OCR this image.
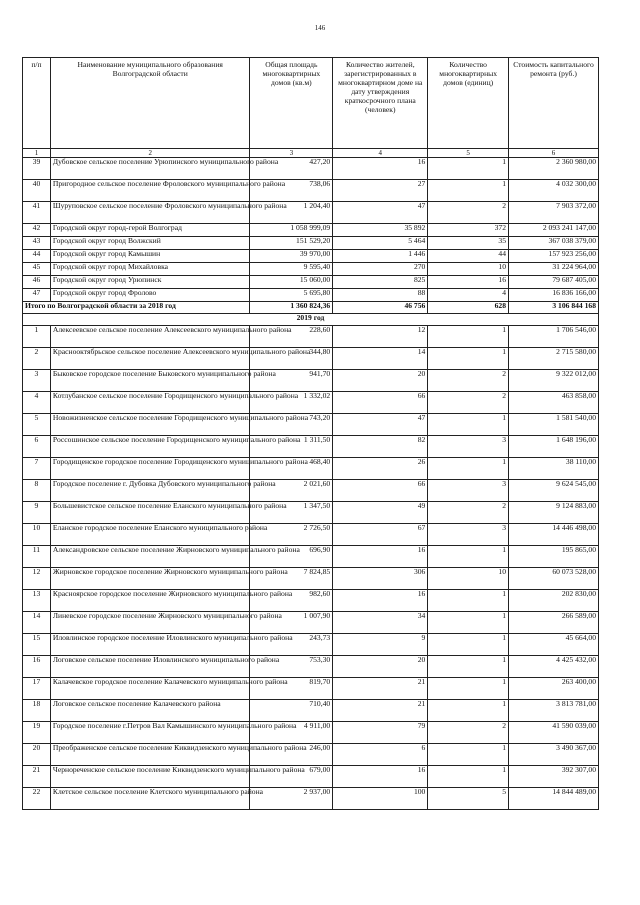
146
п/п	Наименование муниципального образования Волгоградской области	Общая площадь многоквартирных домов (кв.м)	Количество жителей, зарегистрированных в многоквартирном доме на дату утверждения краткосрочного плана (человек)	Количество многоквартирных домов (единиц)	Стоимость капитального ремонта (руб.)
1	2	3	4	5	6
39	Дубовское сельское поселение Урюпинского муниципального района	427,20	16	1	2 360 980,00
40	Пригородное сельское поселение Фроловского муниципального района	738,06	27	1	4 032 300,00
41	Шуруповское сельское поселение Фроловского муниципального района	1 204,40	47	2	7 903 372,00
42	Городской округ город-герой Волгоград	1 058 999,09	35 892	372	2 093 241 147,00
43	Городской округ город Волжский	151 529,20	5 464	35	367 038 379,00
44	Городской округ город Камышин	39 970,00	1 446	44	157 923 256,00
45	Городской округ город Михайловка	9 595,40	270	10	31 224 964,00
46	Городской округ город Урюпинск	15 060,00	825	16	79 687 405,00
47	Городской округ город Фролово	5 695,80	88	4	16 836 166,00
Итого по Волгоградской области за 2018 год		1 360 824,36	46 756	628	3 106 844 168
2019 год					
1	Алексеевское сельское поселение Алексеевского муниципального района	228,60	12	1	1 706 546,00
2	Краснооктябрьское сельское поселение Алексеевского муниципального района	344,80	14	1	2 715 580,00
3	Быковское городское поселение Быковского муниципального района	941,70	20	2	9 322 012,00
4	Котлубанское сельское поселение Городищенского муниципального района	1 332,02	66	2	463 858,00
5	Новожизненское сельское поселение Городищенского муниципального района	743,20	47	1	1 581 540,00
6	Россошинское сельское поселение Городищенского муниципального района	1 311,50	82	3	1 648 196,00
7	Городищенское городское поселение Городищенского муниципального района	468,40	26	1	38 110,00
8	Городское поселение г. Дубовка Дубовского муниципального района	2 021,60	66	3	9 624 545,00
9	Большевистское сельское поселение Еланского муниципального района	1 347,50	49	2	9 124 883,00
10	Еланское городское поселение Еланского муниципального района	2 726,50	67	3	14 446 498,00
11	Александровское сельское поселение Жирновского муниципального района	696,90	16	1	195 865,00
12	Жирновское городское поселение Жирновского муниципального района	7 824,85	306	10	60 073 528,00
13	Красноярское городское поселение Жирновского муниципального района	982,60	16	1	202 830,00
14	Линевское городское поселение Жирновского муниципального района	1 007,90	34	1	266 589,00
15	Иловлинское городское поселение Иловлинского муниципального района	243,73	9	1	45 664,00
16	Логовское сельское поселение Иловлинского муниципального района	753,30	20	1	4 425 432,00
17	Калачевское городское поселение Калачевского муниципального района	819,70	21	1	263 400,00
18	Логовское сельское поселение Калачевского района	710,40	21	1	3 813 781,00
19	Городское поселение г.Петров Вал Камышинского муниципального района	4 911,00	79	2	41 590 039,00
20	Преображенское сельское поселение Киквидзенского муниципального района	246,00	6	1	3 490 367,00
21	Чернореченское сельское поселение Киквидзенского муниципального района	679,00	16	1	392 307,00
22	Клетское сельское поселение Клетского муниципального района	2 937,00	100	5	14 844 489,00
